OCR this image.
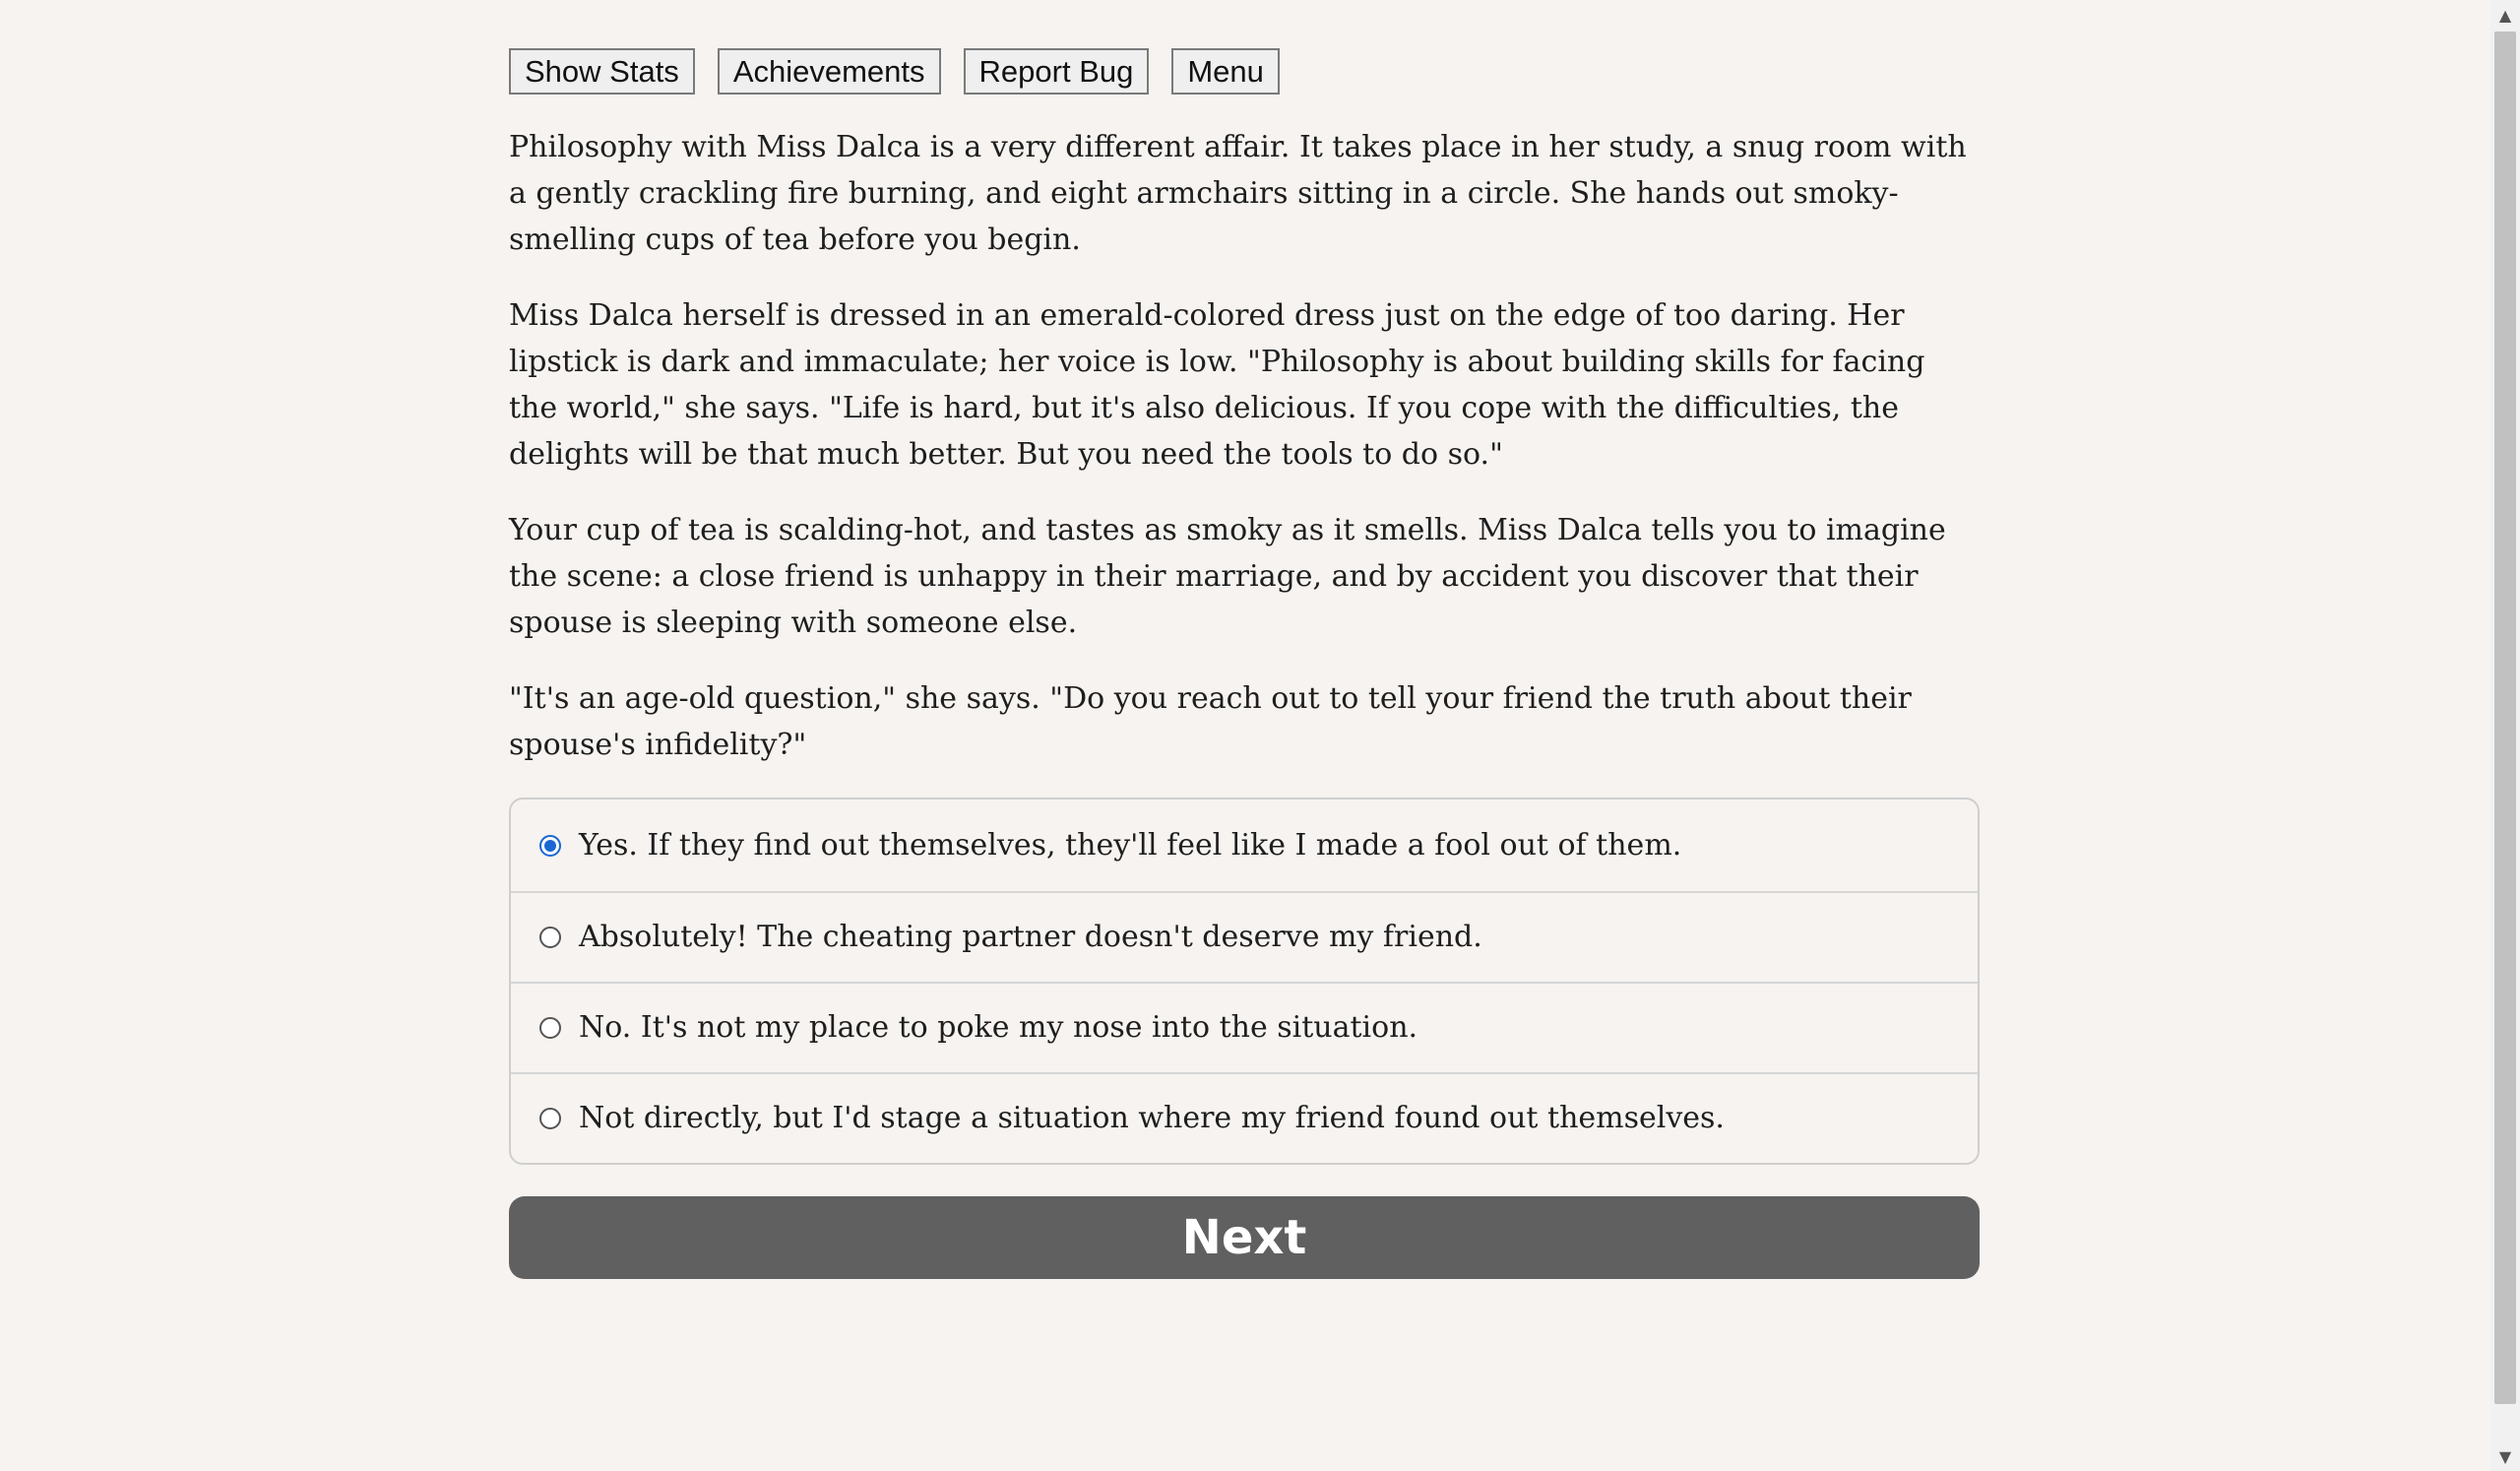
Show Stats	Achievements	Report Bug	Menu

Philosophy with Miss Dalca is a very different affair. It takes place in her study, a snug room with a gently crackling fire burning, and eight armchairs sitting in a circle. She hands out smoky-smelling cups of tea before you begin.

Miss Dalca herself is dressed in an emerald-colored dress just on the edge of too daring. Her lipstick is dark and immaculate; her voice is low. "Philosophy is about building skills for facing the world," she says. "Life is hard, but it's also delicious. If you cope with the difficulties, the delights will be that much better. But you need the tools to do so."

Your cup of tea is scalding-hot, and tastes as smoky as it smells. Miss Dalca tells you to imagine the scene: a close friend is unhappy in their marriage, and by accident you discover that their spouse is sleeping with someone else.

"It's an age-old question," she says. "Do you reach out to tell your friend the truth about their spouse's infidelity?"

Yes. If they find out themselves, they'll feel like I made a fool out of them.
Absolutely! The cheating partner doesn't deserve my friend.
No. It's not my place to poke my nose into the situation.
Not directly, but I'd stage a situation where my friend found out themselves.
Next
▲
▼
